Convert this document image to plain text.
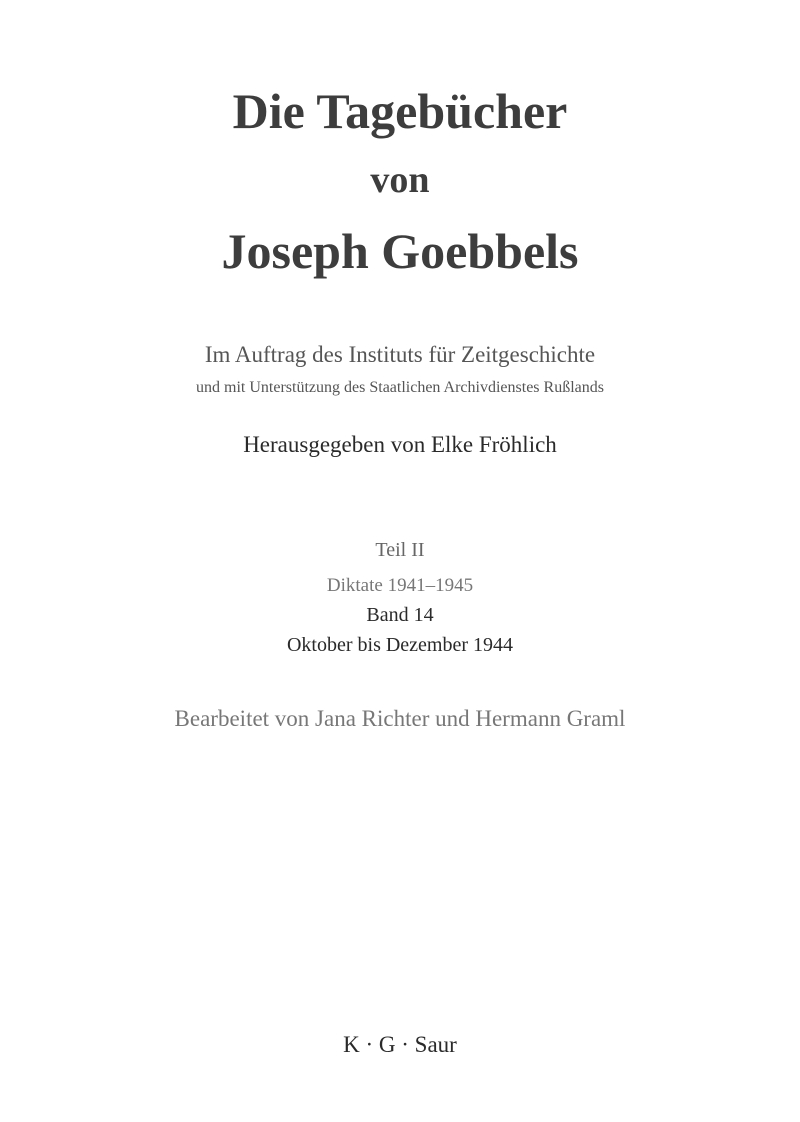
Die Tagebücher
von
Joseph Goebbels
Im Auftrag des Instituts für Zeitgeschichte
und mit Unterstützung des Staatlichen Archivdienstes Rußlands
Herausgegeben von Elke Fröhlich
Teil II
Diktate 1941–1945
Band 14
Oktober bis Dezember 1944
Bearbeitet von Jana Richter und Hermann Graml
K · G · Saur
